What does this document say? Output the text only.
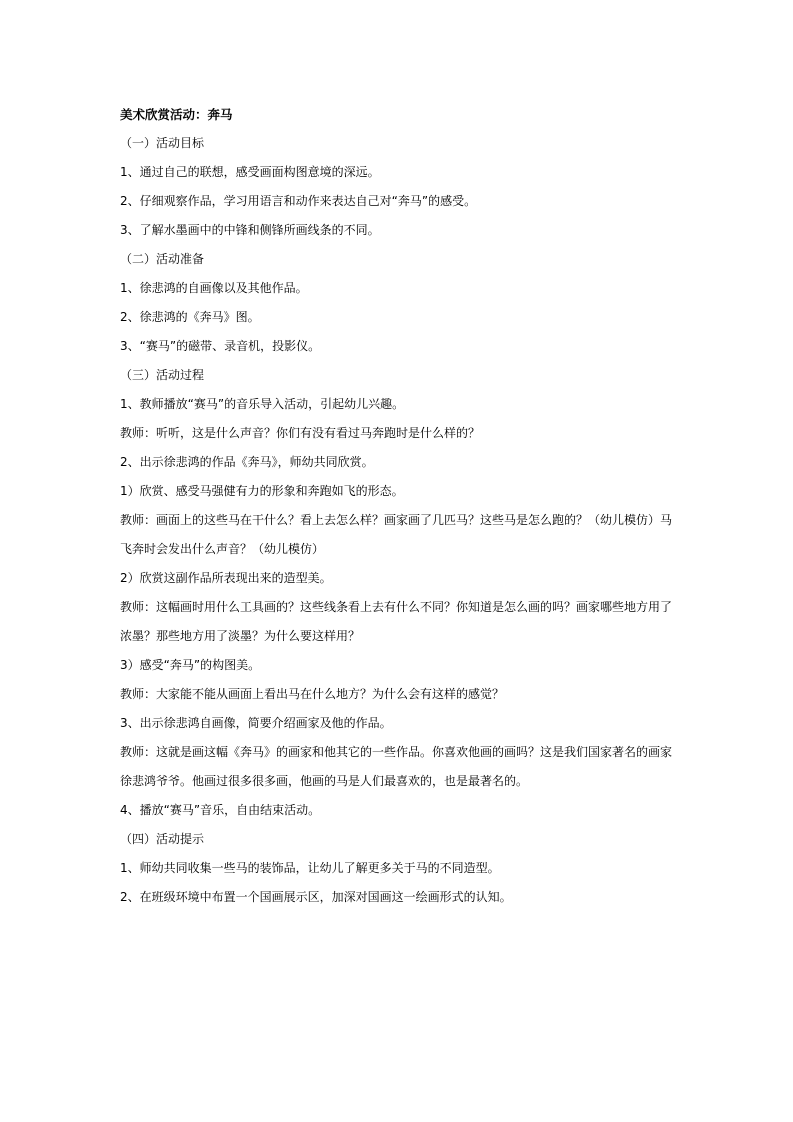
美术欣赏活动：奔马
（一）活动目标
1、通过自己的联想，感受画面构图意境的深远。
2、仔细观察作品，学习用语言和动作来表达自己对“奔马”的感受。
3、了解水墨画中的中锋和侧锋所画线条的不同。
（二）活动准备
1、徐悲鸿的自画像以及其他作品。
2、徐悲鸿的《奔马》图。
3、“赛马”的磁带、录音机，投影仪。
（三）活动过程
1、教师播放“赛马”的音乐导入活动，引起幼儿兴趣。
教师：听听，这是什么声音？你们有没有看过马奔跑时是什么样的？
2、出示徐悲鸿的作品《奔马》，师幼共同欣赏。
1）欣赏、感受马强健有力的形象和奔跑如飞的形态。
教师：画面上的这些马在干什么？看上去怎么样？画家画了几匹马？这些马是怎么跑的？（幼儿模仿）马
飞奔时会发出什么声音？（幼儿模仿）
2）欣赏这副作品所表现出来的造型美。
教师：这幅画时用什么工具画的？这些线条看上去有什么不同？你知道是怎么画的吗？画家哪些地方用了
浓墨？那些地方用了淡墨？为什么要这样用？
3）感受“奔马”的构图美。
教师：大家能不能从画面上看出马在什么地方？为什么会有这样的感觉？
3、出示徐悲鸿自画像，简要介绍画家及他的作品。
教师：这就是画这幅《奔马》的画家和他其它的一些作品。你喜欢他画的画吗？这是我们国家著名的画家
徐悲鸿爷爷。他画过很多很多画，他画的马是人们最喜欢的，也是最著名的。
4、播放“赛马”音乐，自由结束活动。
（四）活动提示
1、师幼共同收集一些马的装饰品，让幼儿了解更多关于马的不同造型。
2、在班级环境中布置一个国画展示区，加深对国画这一绘画形式的认知。
